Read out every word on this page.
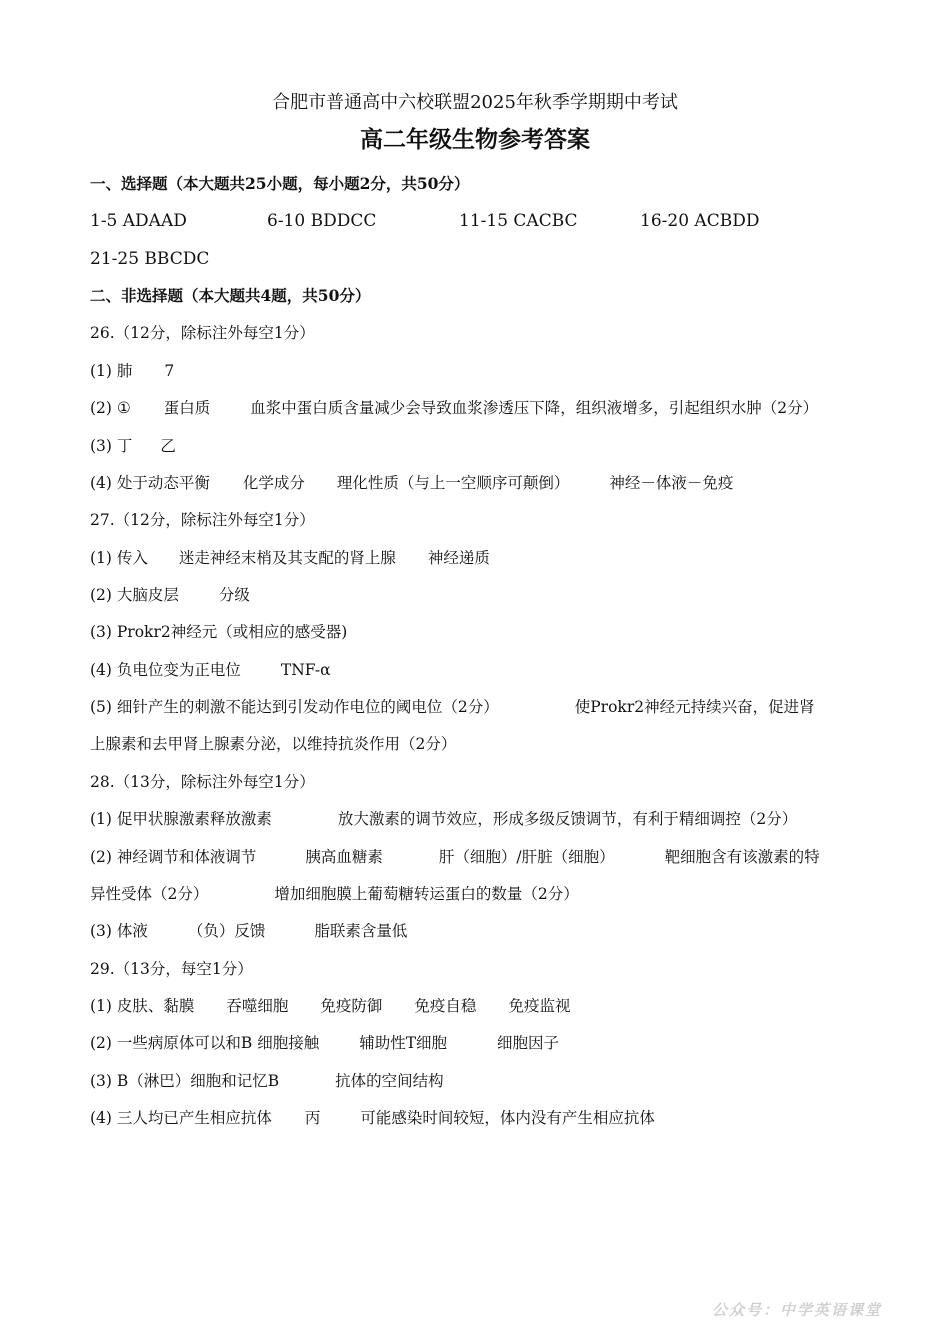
合肥市普通高中六校联盟2025年秋季学期期中考试
高二年级生物参考答案
一、选择题（本大题共25小题，每小题2分，共50分）
1-5 ADAAD	6-10 BDDCC	11-15 CACBC	16-20 ACBDD
21-25 BBCDC
二、非选择题（本大题共4题，共50分）
26.（12分，除标注外每空1分）
(1) 肺 7
(2) ① 蛋白质	血浆中蛋白质含量减少会导致血浆渗透压下降，组织液增多，引起组织水肿（2分）
(3) 丁 乙
(4) 处于动态平衡 化学成分 理化性质（与上一空顺序可颠倒）	神经－体液－免疫
27.（12分，除标注外每空1分）
(1) 传入 迷走神经末梢及其支配的肾上腺 神经递质
(2) 大脑皮层	分级
(3) Prokr2神经元（或相应的感受器)
(4) 负电位变为正电位	TNF-α
(5) 细针产生的刺激不能达到引发动作电位的阈电位（2分）	使Prokr2神经元持续兴奋，促进肾
上腺素和去甲肾上腺素分泌，以维持抗炎作用（2分）
28.（13分，除标注外每空1分）
(1) 促甲状腺激素释放激素	放大激素的调节效应，形成多级反馈调节，有利于精细调控（2分）
(2) 神经调节和体液调节	胰高血糖素	肝（细胞）/肝脏（细胞）	靶细胞含有该激素的特
异性受体（2分）	增加细胞膜上葡萄糖转运蛋白的数量（2分）
(3) 体液	（负）反馈	脂联素含量低
29.（13分，每空1分）
(1) 皮肤、黏膜 吞噬细胞 免疫防御 免疫自稳 免疫监视
(2) 一些病原体可以和B 细胞接触	辅助性T细胞	细胞因子
(3) B（淋巴）细胞和记忆B	抗体的空间结构
(4) 三人均已产生相应抗体 丙	可能感染时间较短，体内没有产生相应抗体
公众号：中学英语课堂
